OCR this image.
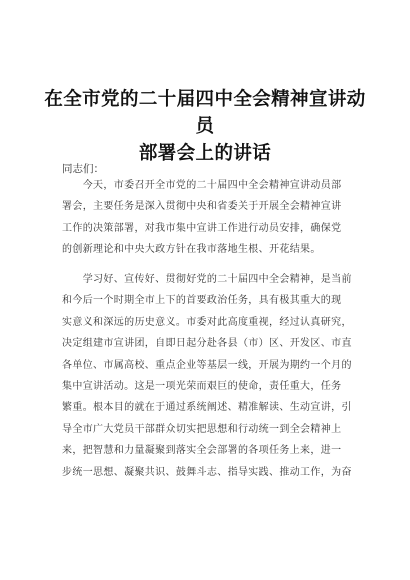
在全市党的二十届四中全会精神宣讲动员
部署会上的讲话
同志们：
　　今天，市委召开全市党的二十届四中全会精神宣讲动员部
署会，主要任务是深入贯彻中央和省委关于开展全会精神宣讲
工作的决策部署，对我市集中宣讲工作进行动员安排，确保党
的创新理论和中央大政方针在我市落地生根、开花结果。
　　学习好、宣传好、贯彻好党的二十届四中全会精神，是当前
和今后一个时期全市上下的首要政治任务，具有极其重大的现
实意义和深远的历史意义。市委对此高度重视，经过认真研究，
决定组建市宣讲团，自即日起分赴各县（市）区、开发区、市直
各单位、市属高校、重点企业等基层一线，开展为期约一个月的
集中宣讲活动。这是一项光荣而艰巨的使命，责任重大，任务
繁重。根本目的就在于通过系统阐述、精准解读、生动宣讲，引
导全市广大党员干部群众切实把思想和行动统一到全会精神上
来，把智慧和力量凝聚到落实全会部署的各项任务上来，进一
步统一思想、凝聚共识、鼓舞斗志、指导实践、推动工作，为奋
